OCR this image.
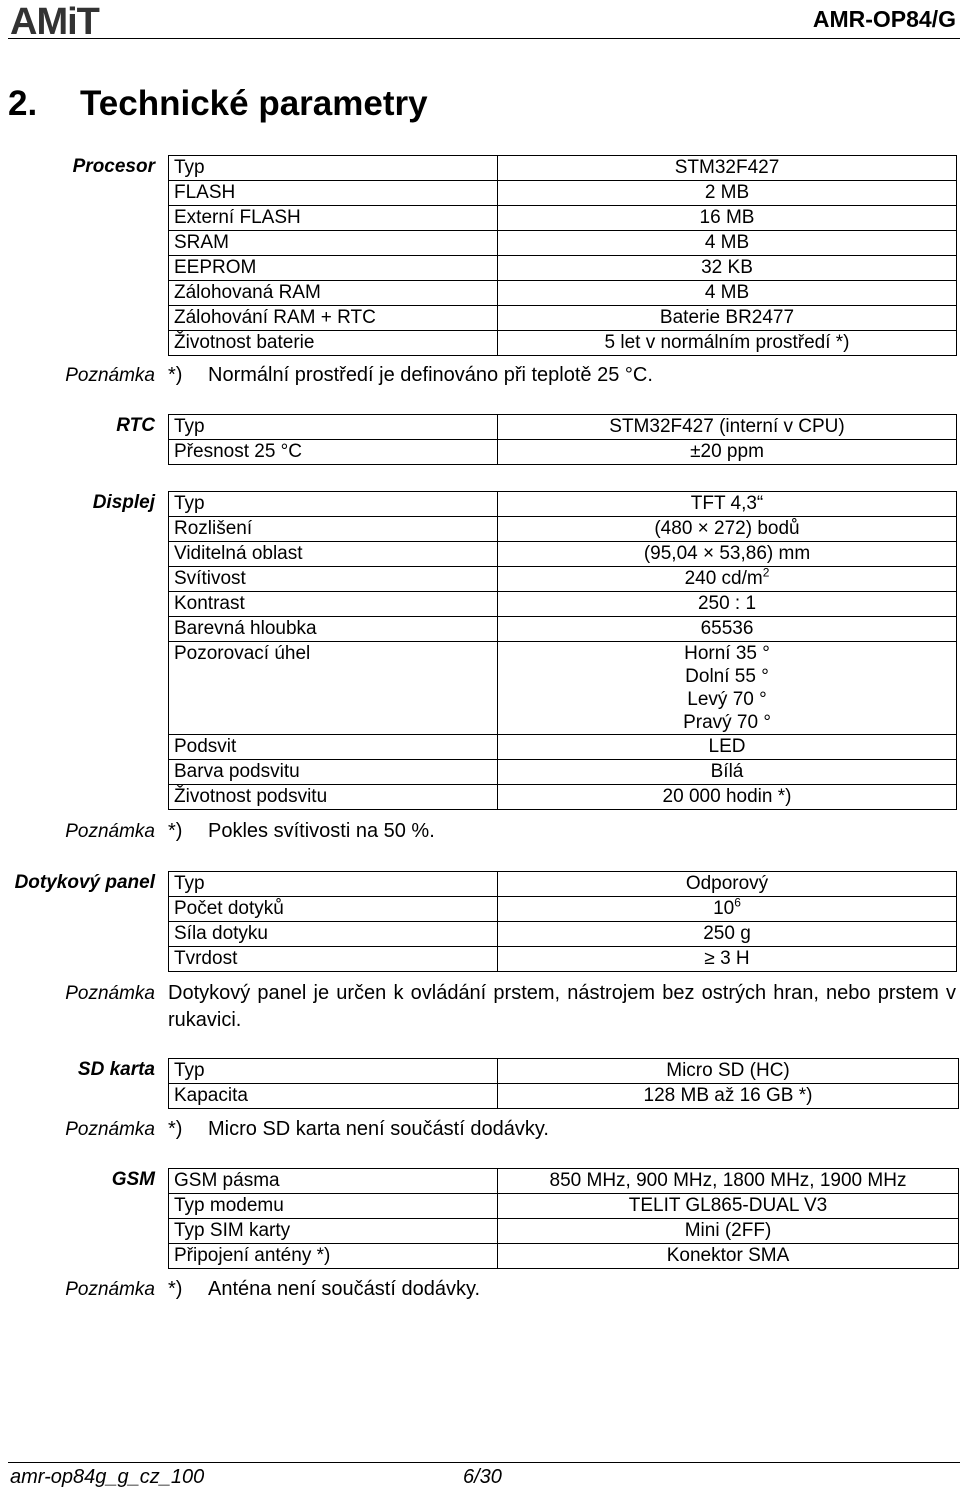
AMiT	AMR-OP84/G
2. Technické parametry
Procesor Typ	STM32F427
FLASH	2 MB
Externí FLASH	16 MB
SRAM	4 MB
EEPROM	32 KB
Zálohovaná RAM	4 MB
Zálohování RAM + RTC	Baterie BR2477
Životnost baterie	5 let v normálním prostředí *)
Poznámka *) Normální prostředí je definováno při teplotě 25 °C.
RTC Typ	STM32F427 (interní v CPU)
Přesnost 25 °C	±20 ppm
Displej Typ	TFT 4,3“
Rozlišení	(480 × 272) bodů
Viditelná oblast	(95,04 × 53,86) mm
Svítivost	240 $cd/m^2$
Kontrast	250 : 1
Barevná hloubka	65536
Pozorovací úhel	Horní 35 °
Dolní 55 °
Levý 70 °
Pravý 70 °

Podsvit	LED
Barva podsvitu	Bílá
Životnost podsvitu	20 000 hodin *)
Poznámka *) Pokles svítivosti na 50 %.
Dotykový panel Typ	Odporový
Počet dotyků	$10^6$
Síla dotyku	250 g
Tvrdost	≥ 3 H
Poznámka Dotykový panel je určen k ovládání prstem, nástrojem bez ostrých hran, nebo prstem v rukavici.
SD karta Typ	Micro SD (HC)
Kapacita	128 MB až 16 GB *)
Poznámka *) Micro SD karta není součástí dodávky.
GSM GSM pásma	850 MHz, 900 MHz, 1800 MHz, 1900 MHz
Typ modemu	TELIT GL865-DUAL V3
Typ SIM karty	Mini (2FF)
Připojení antény *)	Konektor SMA
Poznámka *) Anténa není součástí dodávky.
amr-op84g_g_cz_100	6/30
